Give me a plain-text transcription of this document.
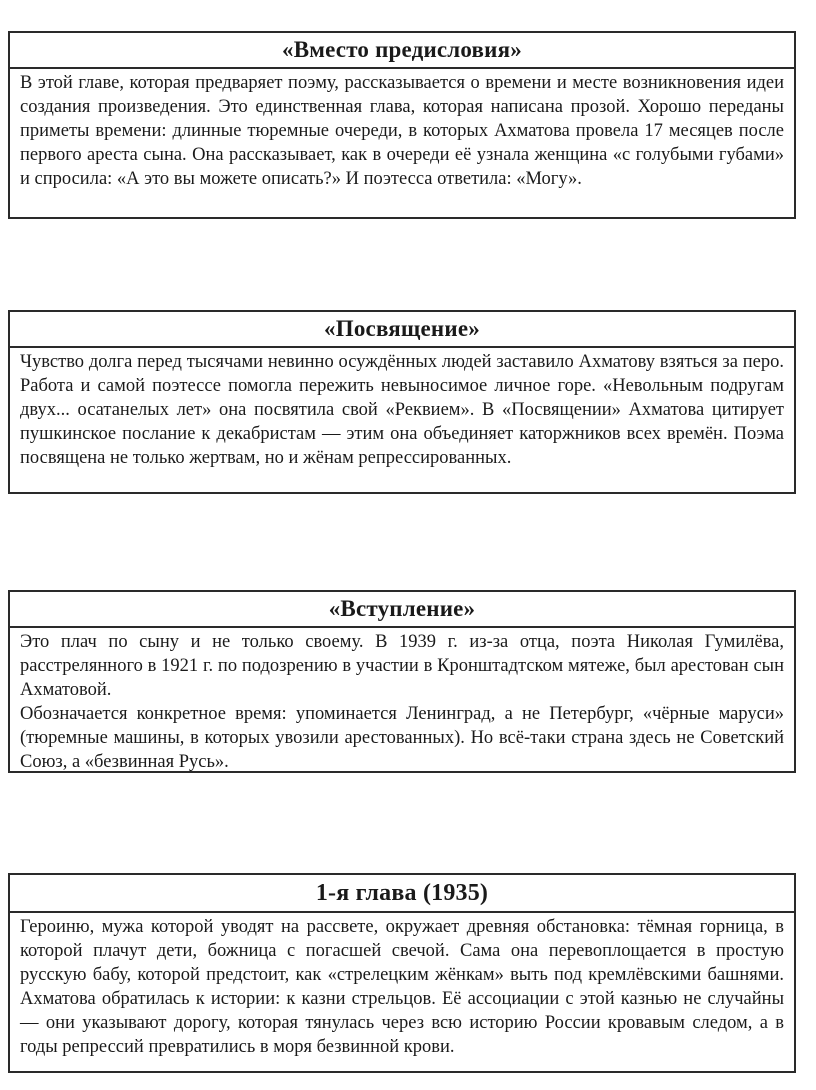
«Вместо предисловия»

В этой главе, которая предваряет поэму, рассказывается о времени и месте возникновения идеи создания произведения. Это единственная глава, которая написана прозой. Хорошо переданы приметы времени: длинные тюремные очереди, в которых Ахматова провела 17 месяцев после первого ареста сына. Она рассказывает, как в очереди её узнала женщина «с голубыми губами» и спросила: «А это вы можете описать?» И поэтесса ответила: «Могу».

«Посвящение»

Чувство долга перед тысячами невинно осуждённых людей заставило Ахматову взяться за перо. Работа и самой поэтессе помогла пережить невыносимое личное горе. «Невольным подругам двух... осатанелых лет» она посвятила свой «Реквием». В «Посвящении» Ахматова цитирует пушкинское послание к декабристам — этим она объединяет каторжников всех времён. Поэма посвящена не только жертвам, но и жёнам репрессированных.

«Вступление»

Это плач по сыну и не только своему. В 1939 г. из-за отца, поэта Николая Гумилёва, расстрелянного в 1921 г. по подозрению в участии в Кронштадтском мятеже, был арестован сын Ахматовой.

Обозначается конкретное время: упоминается Ленинград, а не Петербург, «чёрные маруси» (тюремные машины, в которых увозили арестованных). Но всё-таки страна здесь не Советский Союз, а «безвинная Русь».

1-я глава (1935)

Героиню, мужа которой уводят на рассвете, окружает древняя обстановка: тёмная горница, в которой плачут дети, божница с погасшей свечой. Сама она перевоплощается в простую русскую бабу, которой предстоит, как «стрелецким жёнкам» выть под кремлёвскими башнями. Ахматова обратилась к истории: к казни стрельцов. Её ассоциации с этой казнью не случайны — они указывают дорогу, которая тянулась через всю историю России кровавым следом, а в годы репрессий превратились в моря безвинной крови.
